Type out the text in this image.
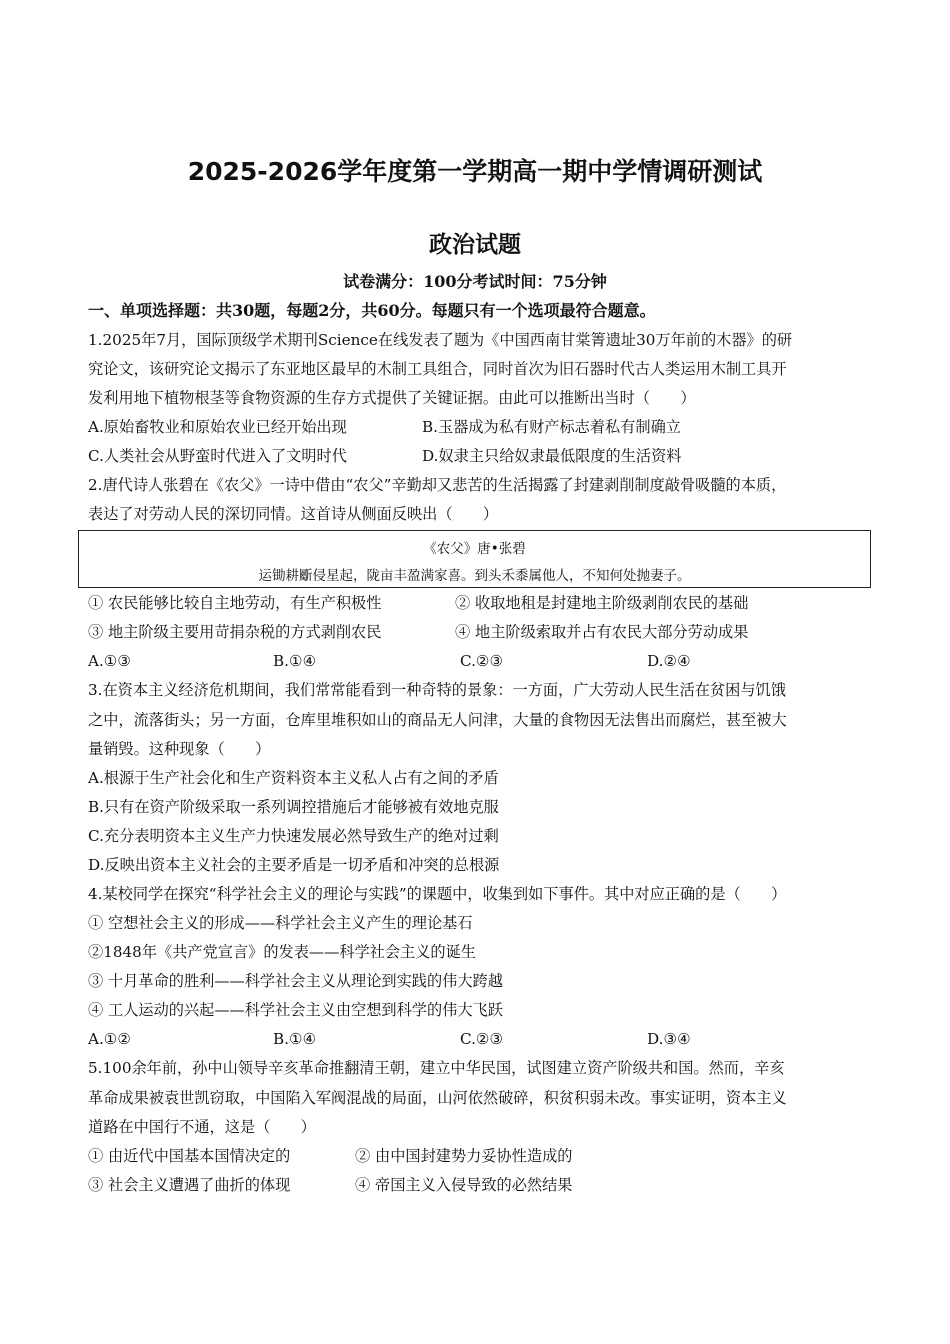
2025-2026学年度第一学期高一期中学情调研测试
政治试题
试卷满分：100分考试时间：75分钟
一、单项选择题：共30题，每题2分，共60分。每题只有一个选项最符合题意。
1.2025年7月，国际顶级学术期刊Science在线发表了题为《中国西南甘棠箐遗址30万年前的木器》的研
究论文，该研究论文揭示了东亚地区最早的木制工具组合，同时首次为旧石器时代古人类运用木制工具开
发利用地下植物根茎等食物资源的生存方式提供了关键证据。由此可以推断出当时（　　）
A.原始畜牧业和原始农业已经开始出现	B.玉器成为私有财产标志着私有制确立
C.人类社会从野蛮时代进入了文明时代	D.奴隶主只给奴隶最低限度的生活资料
2.唐代诗人张碧在《农父》一诗中借由“农父”辛勤却又悲苦的生活揭露了封建剥削制度敲骨吸髓的本质，
表达了对劳动人民的深切同情。这首诗从侧面反映出（　　）
《农父》唐•张碧
运锄耕斸侵星起，陇亩丰盈满家喜。到头禾黍属他人，不知何处抛妻子。
① 农民能够比较自主地劳动，有生产积极性	② 收取地租是封建地主阶级剥削农民的基础
③ 地主阶级主要用苛捐杂税的方式剥削农民	④ 地主阶级索取并占有农民大部分劳动成果
A.①③	B.①④	C.②③	D.②④
3.在资本主义经济危机期间，我们常常能看到一种奇特的景象：一方面，广大劳动人民生活在贫困与饥饿
之中，流落街头；另一方面，仓库里堆积如山的商品无人问津，大量的食物因无法售出而腐烂，甚至被大
量销毁。这种现象（　　）
A.根源于生产社会化和生产资料资本主义私人占有之间的矛盾
B.只有在资产阶级采取一系列调控措施后才能够被有效地克服
C.充分表明资本主义生产力快速发展必然导致生产的绝对过剩
D.反映出资本主义社会的主要矛盾是一切矛盾和冲突的总根源
4.某校同学在探究“科学社会主义的理论与实践”的课题中，收集到如下事件。其中对应正确的是（　　）
① 空想社会主义的形成——科学社会主义产生的理论基石
②1848年《共产党宣言》的发表——科学社会主义的诞生
③ 十月革命的胜利——科学社会主义从理论到实践的伟大跨越
④ 工人运动的兴起——科学社会主义由空想到科学的伟大飞跃
A.①②	B.①④	C.②③	D.③④
5.100余年前，孙中山领导辛亥革命推翻清王朝，建立中华民国，试图建立资产阶级共和国。然而，辛亥
革命成果被袁世凯窃取，中国陷入军阀混战的局面，山河依然破碎，积贫积弱未改。事实证明，资本主义
道路在中国行不通，这是（　　）
① 由近代中国基本国情决定的	② 由中国封建势力妥协性造成的
③ 社会主义遭遇了曲折的体现	④ 帝国主义入侵导致的必然结果
